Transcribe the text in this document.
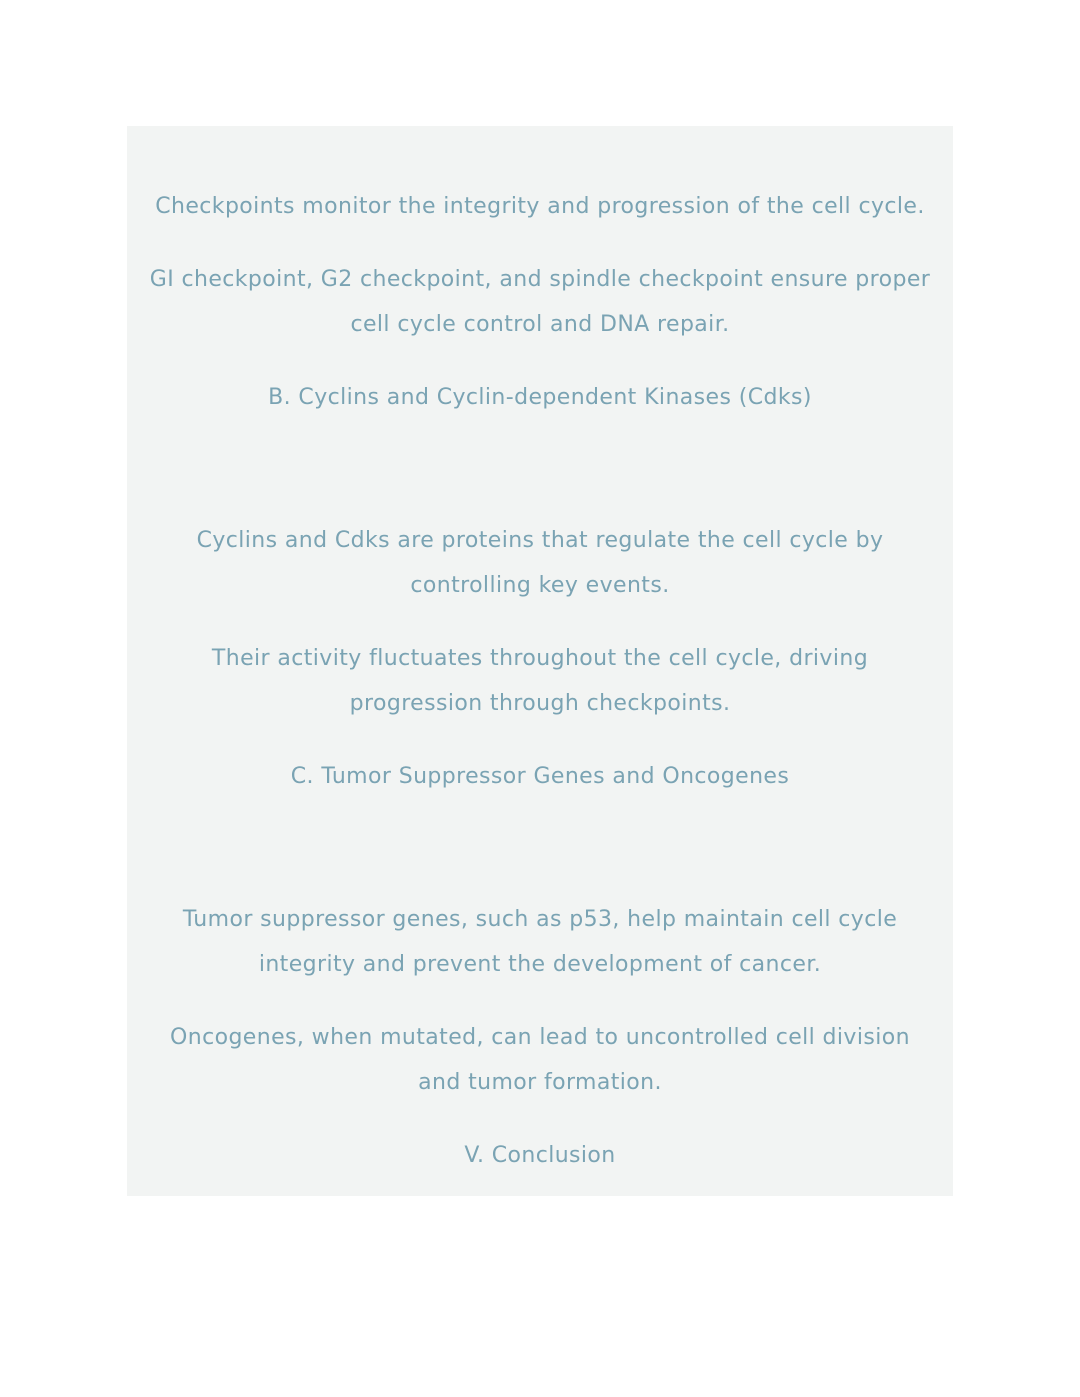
Checkpoints monitor the integrity and progression of the cell cycle.
GI checkpoint, G2 checkpoint, and spindle checkpoint ensure proper
cell cycle control and DNA repair.
B. Cyclins and Cyclin-dependent Kinases (Cdks)
Cyclins and Cdks are proteins that regulate the cell cycle by
controlling key events.
Their activity fluctuates throughout the cell cycle, driving
progression through checkpoints.
C. Tumor Suppressor Genes and Oncogenes
Tumor suppressor genes, such as p53, help maintain cell cycle
integrity and prevent the development of cancer.
Oncogenes, when mutated, can lead to uncontrolled cell division
and tumor formation.
V. Conclusion
